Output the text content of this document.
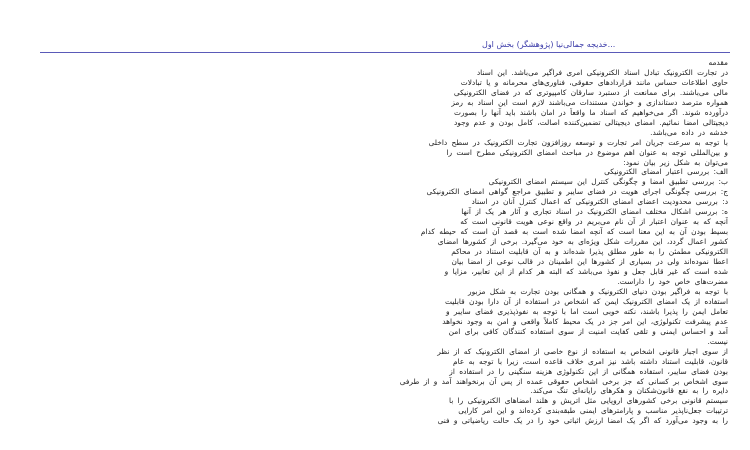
خدیجه جمالی‌نیا (پژوهشگر) بخش اول...

مقدمه

در تجارت الکترونیک تبادل اسناد الکترونیکی امری فراگیر می‌باشد. این اسناد

حاوی اطلاعات حساس مانند قراردادهای حقوقی، فناوری‌های محرمانه و یا تبادلات

مالی می‌باشند. برای ممانعت از دستبرد سارقان کامپیوتری که در فضای الکترونیکی

همواره مترصد دستاندازی و خواندن مستندات می‌باشند لازم است این اسناد به رمز

درآورده شوند. اگر می‌خواهیم که اسناد ما واقعاً در امان باشند باید آنها را بصورت

دیجیتالی امضا نمائیم. امضای دیجیتالی تضمین‌کننده اصالت، کامل بودن و عدم وجود

خدشه در داده می‌باشد.

با توجه به سرعت جریان امر تجارت و توسعه روزافزون تجارت الکترونیک در سطح داخلی

و بین‌المللی توجه به عنوان اهم موضوع در مباحث امضای الکترونیکی مطرح است را

می‌توان به شکل زیر بیان نمود:

الف: بررسی اعتبار امضای الکترونیکی

ب: بررسی تطبیق امضا و چگونگی کنترل این سیستم امضای الکترونیکی

ج: بررسی چگونگی اجرای هویت در فضای سایبر و تطبیق مراجع گواهی امضای الکترونیکی

د: بررسی محدودیت اعضای امضای الکترونیکی که اعمال کنترل آنان در اسناد

ه: بررسی اشکال مختلف امضای الکترونیک در اسناد تجاری و آثار هر یک از آنها

آنچه که به عنوان اعتبار از آن نام می‌بریم در واقع نوعی هویت قانونی است که

بسیط بودن آن به این معنا است که آنچه امضا شده است به قصد آن است که حیطه کدام

کشور اعمال گردد، این مقررات شکل ویژه‌ای به خود می‌گیرد. برخی از کشورها امضای

الکترونیکی مطمئن را به طور مطلق پذیرا شده‌اند و به آن قابلیت استناد در محاکم

اعطا نموده‌اند ولی در بسیاری از کشورها این اطمینان در قالب نوعی از امضا بیان

شده است که غیر قابل جعل و نفوذ می‌باشد که البته هر کدام از این تعابیر، مزایا و

مضرت‌های خاص خود را داراست.

با توجه به فراگیر بودن دنیای الکترونیک و همگانی بودن تجارت به شکل مزبور

استفاده از یک امضای الکترونیک ایمن که اشخاص در استفاده از آن دارا بودن قابلیت

تعامل ایمن را پذیرا باشند، نکته خوبی است اما با توجه به نفوذپذیری فضای سایبر و

عدم پیشرفت تکنولوژی، این امر جز در یک محیط کاملاً واقعی و امن به وجود نخواهد

آمد و احساس ایمنی و تلقی کفایت امنیت از سوی استفاده کنندگان کافی برای امن

نیست.

از سوی اجبار قانونی اشخاص به استفاده از نوع خاصی از امضای الکترونیک که از نظر

قانون، قابلیت استناد داشته باشد نیز امری خلاف قاعده است، زیرا با توجه به عام

بودن فضای سایبر، استفاده همگانی از این تکنولوژی هزینه سنگینی را در استفاده از

سوی اشخاص بر کسانی که جز برخی اشخاص حقوقی عمده از پس آن برنخواهند آمد و از طرفی

دایره را به نفع قانون‌شکنان و هکرهای رایانه‌ای تنگ می‌کند.

سیستم قانونی برخی کشورهای اروپایی مثل اتریش و هلند امضاهای الکترونیکی را با

ترتیبات جعل‌ناپذیر مناسب و پارامترهای ایمنی طبقه‌بندی کرده‌اند و این امر کارایی

را به وجود می‌آورد که اگر یک امضا ارزش اثباتی خود را در یک حالت ریاضیاتی و فنی
